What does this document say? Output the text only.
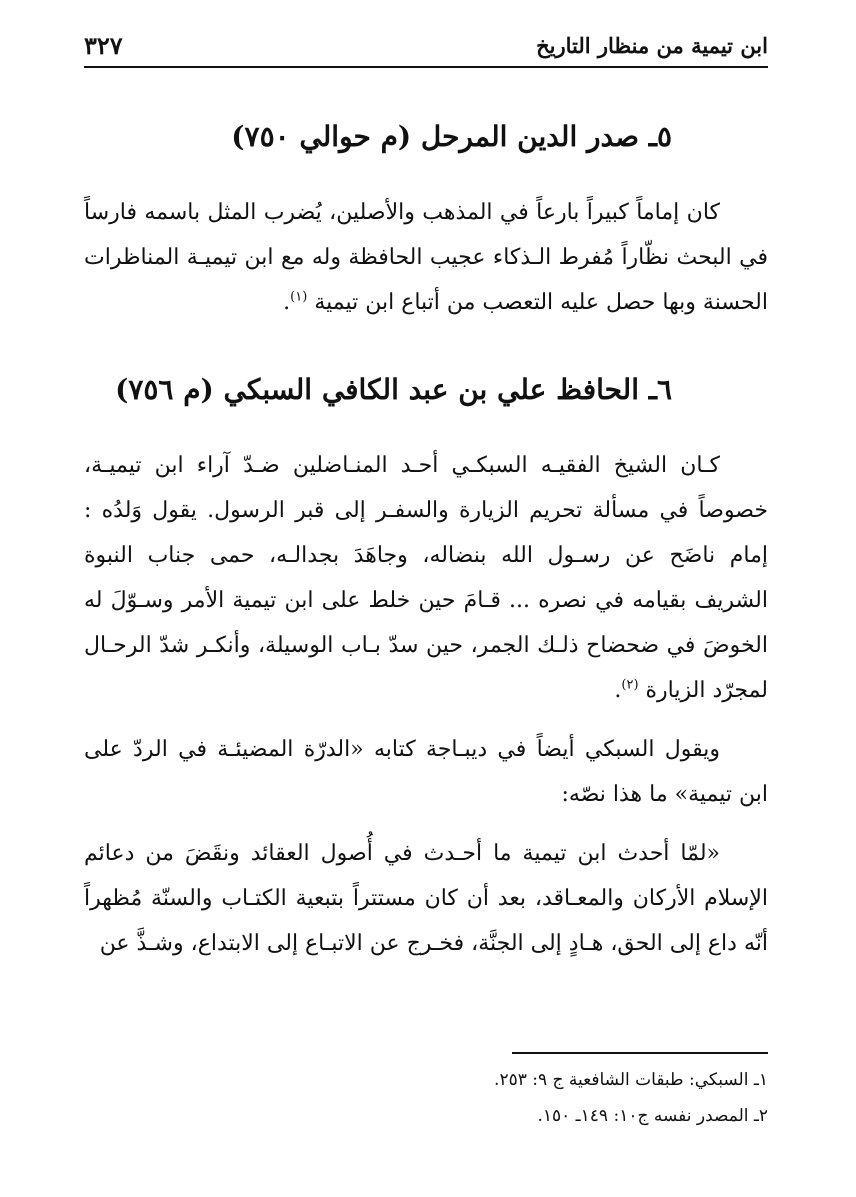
ابن تيمية من منظار التاريخ
٣٢٧
٥ـ صدر الدين المرحل (م حوالي ٧٥٠)

كان إماماً كبيراً بارعاً في المذهب والأصلين، يُضرب المثل باسمه فارساً في البحث نظّاراً مُفرط الـذكاء عجيب الحافظة وله مع ابن تيميـة المناظرات الحسنة وبها حصل عليه التعصب من أتباع ابن تيمية $^{(١)}$.

٦ـ الحافظ علي بن عبد الكافي السبكي (م ٧٥٦)

كـان الشيخ الفقيـه السبكـي أحـد المنـاضلين ضـدّ آراء ابن تيميـة، خصوصاً في مسألة تحريم الزيارة والسفـر إلى قبر الرسول. يقول وَلدُه : إمام ناضَح عن رسـول الله بنضاله، وجاهَدَ بجدالـه، حمى جناب النبوة الشريف بقيامه في نصره ... قـامَ حين خلط على ابن تيمية الأمر وسـوّلَ له الخوضَ في ضحضاح ذلـك الجمر، حين سدّ بـاب الوسيلة، وأنكـر شدّ الرحـال لمجرّد الزيارة $^{(٢)}$.

ويقول السبكي أيضاً في ديبـاجة كتابه «الدرّة المضيئـة في الردّ على ابن تيمية» ما هذا نصّه:

«لمّا أحدث ابن تيمية ما أحـدث في أُصول العقائد ونقَضَ من دعائم الإسلام الأركان والمعـاقد، بعد أن كان مستتراً بتبعية الكتـاب والسنّة مُظهراً أنّه داع إلى الحق، هـادٍ إلى الجنَّة، فخـرج عن الاتبـاع إلى الابتداع، وشـذَّ عن

١ـ السبكي: طبقات الشافعية ج ٩: ٢٥٣.

٢ـ المصدر نفسه ج١٠: ١٤٩ـ ١٥٠.
